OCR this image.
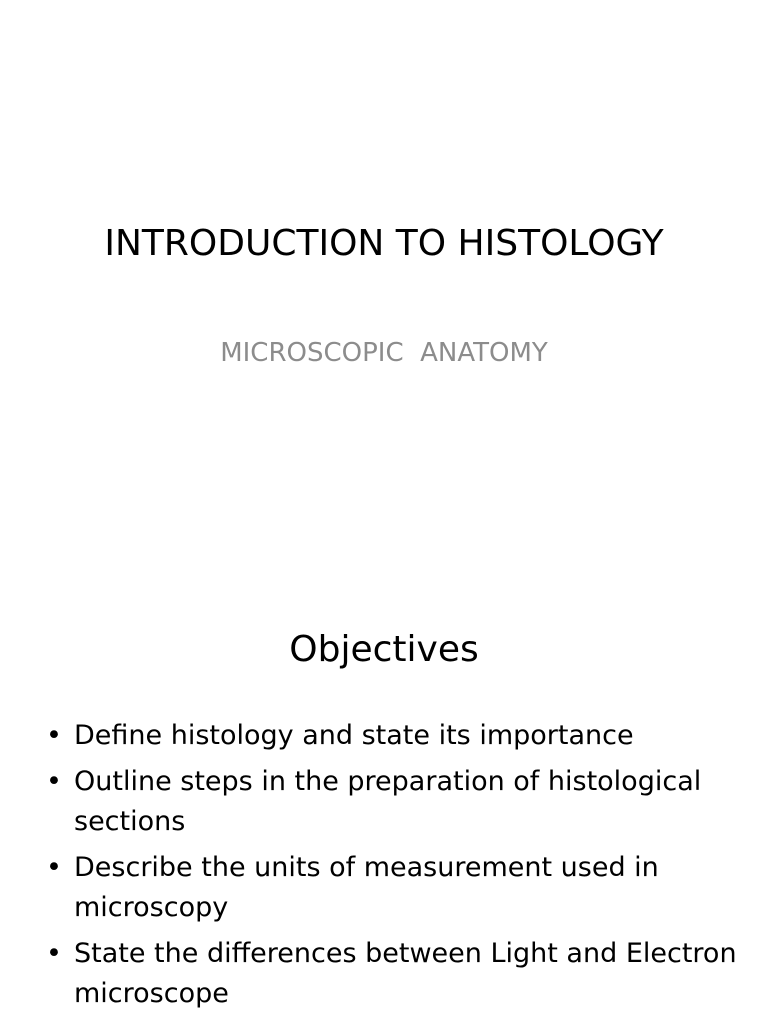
INTRODUCTION TO HISTOLOGY
MICROSCOPIC  ANATOMY
Objectives
• Define histology and state its importance
• Outline steps in the preparation of histological sections
• Describe the units of measurement used in microscopy
• State the differences between Light and Electron microscope
